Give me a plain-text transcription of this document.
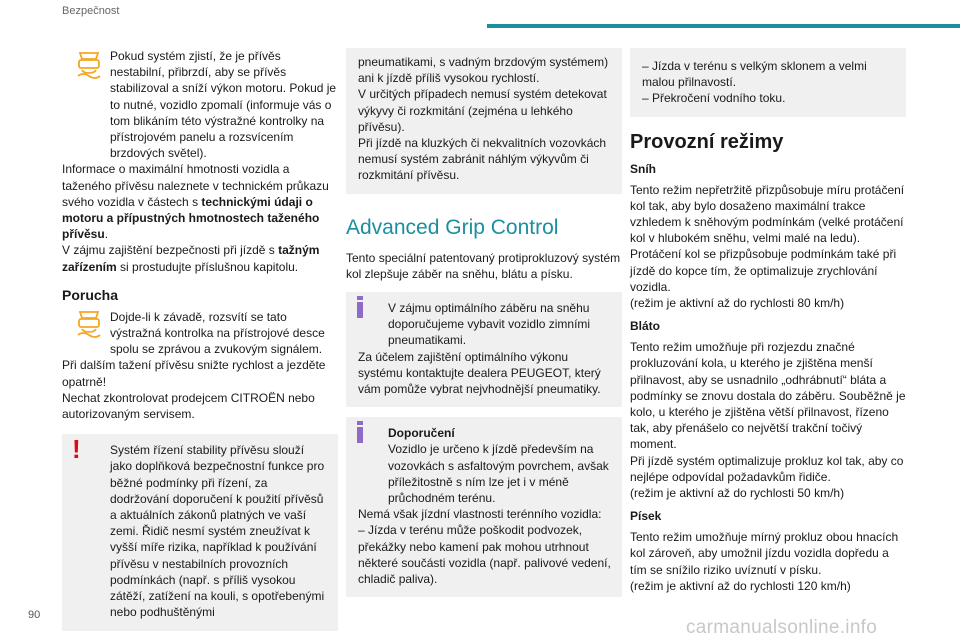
Bezpečnost

Pokud systém zjistí, že je přívěs nestabilní, přibrzdí, aby se přívěs stabilizoval a sníží výkon motoru. Pokud je to nutné, vozidlo zpomalí (informuje vás o tom blikáním této výstražné kontrolky na přístrojovém panelu a rozsvícením brzdových světel).

Informace o maximální hmotnosti vozidla a taženého přívěsu naleznete v technickém průkazu svého vozidla v částech s technickými údaji o motoru a přípustných hmotnostech taženého přívěsu.

V zájmu zajištění bezpečnosti při jízdě s tažným zařízením si prostudujte příslušnou kapitolu.

Porucha

Dojde-li k závadě, rozsvítí se tato výstražná kontrolka na přístrojové desce spolu se zprávou a zvukovým signálem.

Při dalším tažení přívěsu snižte rychlost a jezděte opatrně!

Nechat zkontrolovat prodejcem CITROËN nebo autorizovaným servisem.

!	Systém řízení stability přívěsu slouží jako doplňková bezpečnostní funkce pro běžné podmínky při řízení, za dodržování doporučení k použití přívěsů a aktuálních zákonů platných ve vaší zemi. Řidič nesmí systém zneužívat k vyšší míře rizika, například k používání přívěsu v nestabilních provozních podmínkách (např. s příliš vysokou zátěží, zatížení na kouli, s opotřebenými nebo podhuštěnými

pneumatikami, s vadným brzdovým systémem) ani k jízdě příliš vysokou rychlostí.

V určitých případech nemusí systém detekovat výkyvy či rozkmitání (zejména u lehkého přívěsu).

Při jízdě na kluzkých či nekvalitních vozovkách nemusí systém zabránit náhlým výkyvům či rozkmitání přívěsu.

Advanced Grip Control

Tento speciální patentovaný protiprokluzový systém kol zlepšuje záběr na sněhu, blátu a písku.

V zájmu optimálního záběru na sněhu doporučujeme vybavit vozidlo zimními pneumatikami.

Za účelem zajištění optimálního výkonu systému kontaktujte dealera PEUGEOT, který vám pomůže vybrat nejvhodnější pneumatiky.

Doporučení

Vozidlo je určeno k jízdě především na vozovkách s asfaltovým povrchem, avšak příležitostně s ním lze jet i v méně průchodném terénu.

Nemá však jízdní vlastnosti terénního vozidla:

– Jízda v terénu může poškodit podvozek, překážky nebo kamení pak mohou utrhnout některé součásti vozidla (např. palivové vedení, chladič paliva).

– Jízda v terénu s velkým sklonem a velmi malou přilnavostí.

– Překročení vodního toku.

Provozní režimy
Sníh

Tento režim nepřetržitě přizpůsobuje míru protáčení kol tak, aby bylo dosaženo maximální trakce vzhledem k sněhovým podmínkám (velké protáčení kol v hlubokém sněhu, velmi malé na ledu). Protáčení kol se přizpůsobuje podmínkám také při jízdě do kopce tím, že optimalizuje zrychlování vozidla.

(režim je aktivní až do rychlosti 80 km/h)

Bláto

Tento režim umožňuje při rozjezdu značné prokluzování kola, u kterého je zjištěna menší přilnavost, aby se usnadnilo „odhrábnutí“ bláta a podmínky se znovu dostala do záběru. Souběžně je kolo, u kterého je zjištěna větší přilnavost, řízeno tak, aby přenášelo co největší trakční točivý moment.

Při jízdě systém optimalizuje prokluz kol tak, aby co nejlépe odpovídal požadavkům řidiče.

(režim je aktivní až do rychlosti 50 km/h)

Písek

Tento režim umožňuje mírný prokluz obou hnacích kol zároveň, aby umožnil jízdu vozidla dopředu a tím se snížilo riziko uvíznutí v písku.

(režim je aktivní až do rychlosti 120 km/h)

90
carmanualsonline.info
